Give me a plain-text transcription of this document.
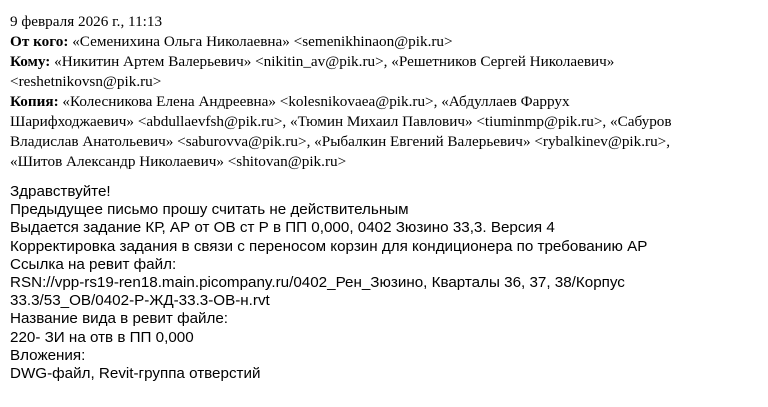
9 февраля 2026 г., 11:13
От кого: «Семенихина Ольга Николаевна» <semenikhinaon@pik.ru>
Кому: «Никитин Артем Валерьевич» <nikitin_av@pik.ru>, «Решетников Сергей Николаевич»
<reshetnikovsn@pik.ru>
Копия: «Колесникова Елена Андреевна» <kolesnikovaea@pik.ru>, «Абдуллаев Фаррух
Шарифходжаевич» <abdullaevfsh@pik.ru>, «Тюмин Михаил Павлович» <tiuminmp@pik.ru>, «Сабуров
Владислав Анатольевич» <saburovva@pik.ru>, «Рыбалкин Евгений Валерьевич» <rybalkinev@pik.ru>,
«Шитов Александр Николаевич» <shitovan@pik.ru>
Здравствуйте!
Предыдущее письмо прошу считать не действительным
Выдается задание КР, АР от ОВ ст Р в ПП 0,000, 0402 Зюзино 33,3. Версия 4
Корректировка задания в связи с переносом корзин для кондиционера по требованию АР
Ссылка на ревит файл:
RSN://vpp-rs19-ren18.main.picompany.ru/0402_Рен_Зюзино, Кварталы 36, 37, 38/Корпус
33.3/53_ОВ/0402-Р-ЖД-33.3-ОВ-н.rvt
Название вида в ревит файле:
220- ЗИ на отв в ПП 0,000
Вложения:
DWG-файл, Revit-группа отверстий
